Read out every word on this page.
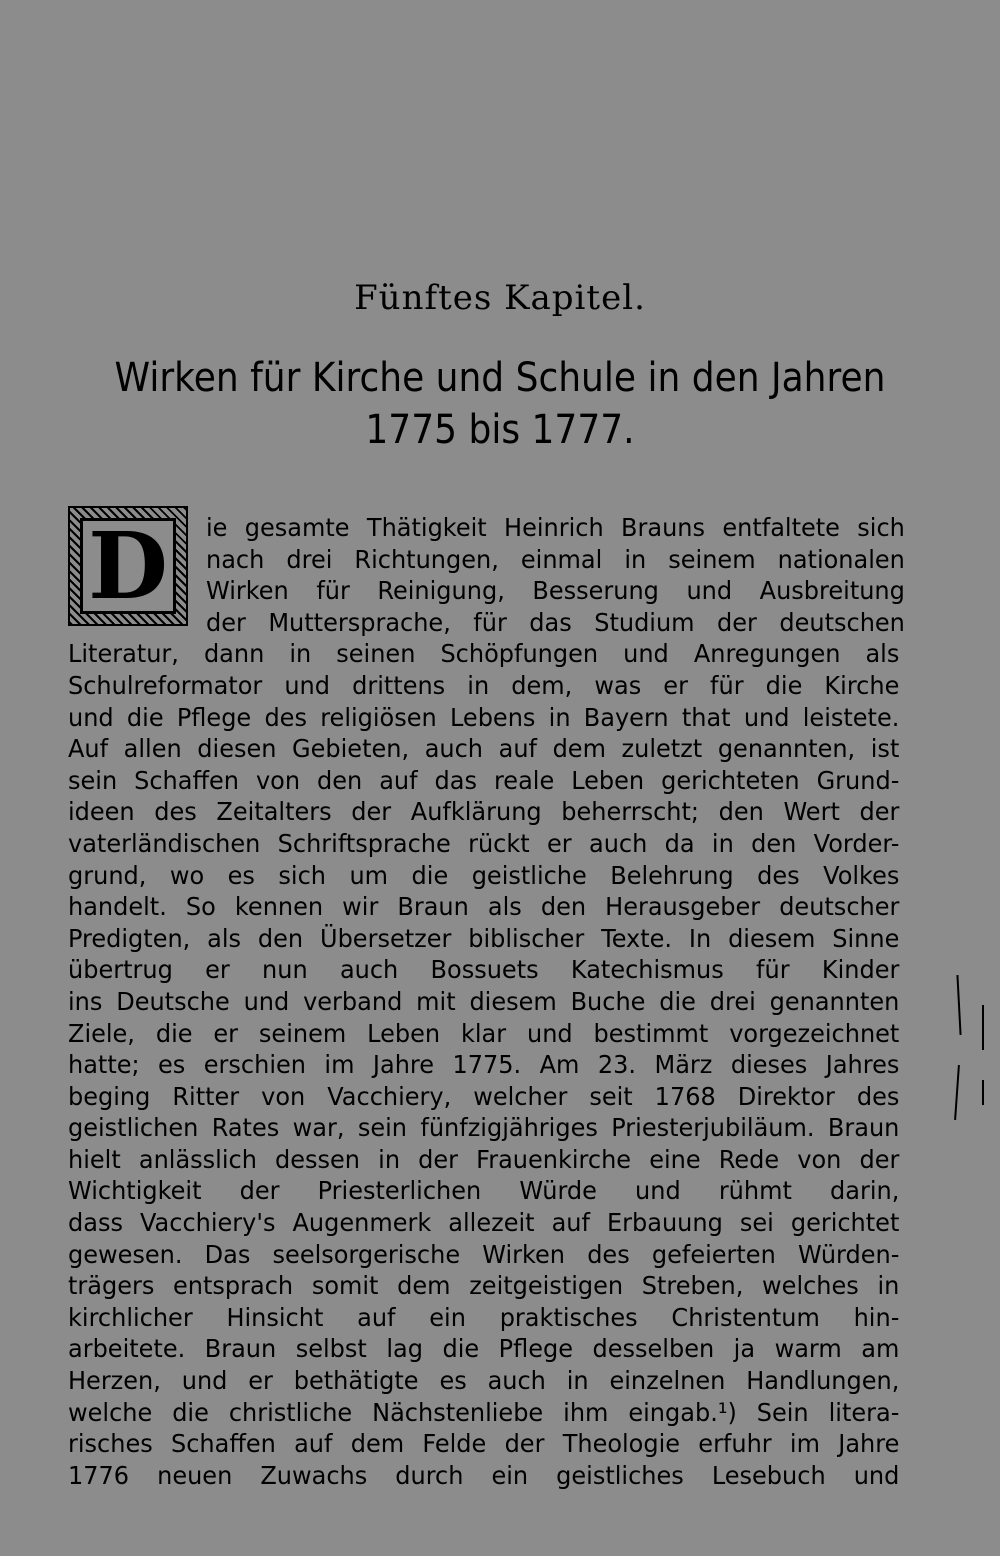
Fünftes Kapitel.
Wirken für Kirche und Schule in den Jahren
1775 bis 1777.
D ie gesamte Thätigkeit Heinrich Brauns entfaltete sich
nach drei Richtungen, einmal in seinem nationalen
Wirken für Reinigung, Besserung und Ausbreitung
der Muttersprache, für das Studium der deutschen
Literatur, dann in seinen Schöpfungen und Anregungen als
Schulreformator und drittens in dem, was er für die Kirche
und die Pflege des religiösen Lebens in Bayern that und leistete.
Auf allen diesen Gebieten, auch auf dem zuletzt genannten, ist
sein Schaffen von den auf das reale Leben gerichteten Grund-
ideen des Zeitalters der Aufklärung beherrscht; den Wert der
vaterländischen Schriftsprache rückt er auch da in den Vorder-
grund, wo es sich um die geistliche Belehrung des Volkes
handelt. So kennen wir Braun als den Herausgeber deutscher
Predigten, als den Übersetzer biblischer Texte. In diesem Sinne
übertrug er nun auch Bossuets Katechismus für Kinder
ins Deutsche und verband mit diesem Buche die drei genannten
Ziele, die er seinem Leben klar und bestimmt vorgezeichnet
hatte; es erschien im Jahre 1775. Am 23. März dieses Jahres
beging Ritter von Vacchiery, welcher seit 1768 Direktor des
geistlichen Rates war, sein fünfzigjähriges Priesterjubiläum. Braun
hielt anlässlich dessen in der Frauenkirche eine Rede von der
Wichtigkeit der Priesterlichen Würde und rühmt darin,
dass Vacchiery's Augenmerk allezeit auf Erbauung sei gerichtet
gewesen. Das seelsorgerische Wirken des gefeierten Würden-
trägers entsprach somit dem zeitgeistigen Streben, welches in
kirchlicher Hinsicht auf ein praktisches Christentum hin-
arbeitete. Braun selbst lag die Pflege desselben ja warm am
Herzen, und er bethätigte es auch in einzelnen Handlungen,
welche die christliche Nächstenliebe ihm eingab.¹) Sein litera-
risches Schaffen auf dem Felde der Theologie erfuhr im Jahre
1776 neuen Zuwachs durch ein geistliches Lesebuch und
